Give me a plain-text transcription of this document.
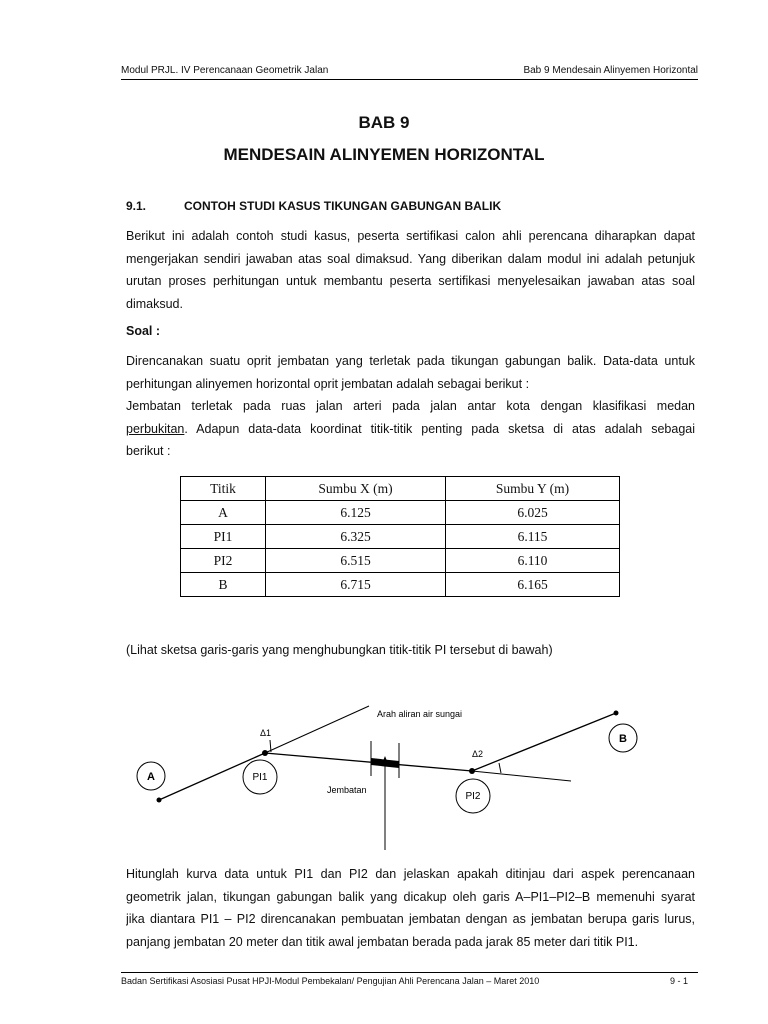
Modul PRJL. IV Perencanaan Geometrik Jalan	Bab 9 Mendesain Alinyemen Horizontal
BAB 9
MENDESAIN ALINYEMEN HORIZONTAL
9.1.	CONTOH STUDI KASUS TIKUNGAN GABUNGAN BALIK
Berikut ini adalah contoh studi kasus, peserta sertifikasi calon ahli perencana diharapkan dapat
mengerjakan sendiri jawaban atas soal dimaksud. Yang diberikan dalam modul ini adalah petunjuk
urutan proses perhitungan untuk membantu peserta sertifikasi menyelesaikan jawaban atas soal
dimaksud.
Soal :
Direncanakan suatu oprit jembatan yang terletak pada tikungan gabungan balik. Data-data untuk
perhitungan alinyemen horizontal oprit jembatan adalah sebagai berikut :
Jembatan terletak pada ruas jalan arteri pada jalan antar kota dengan klasifikasi medan
perbukitan. Adapun data-data koordinat titik-titik penting pada sketsa di atas adalah sebagai
berikut :
Titik	Sumbu X (m)	Sumbu Y (m)
A	6.125	6.025
PI1	6.325	6.115
PI2	6.515	6.110
B	6.715	6.165
(Lihat sketsa garis-garis yang menghubungkan titik-titik PI tersebut di bawah)
A	PI1
PI2
B
Δ1
Δ2
Arah aliran air sungai
Jembatan
Hitunglah kurva data untuk PI1 dan PI2 dan jelaskan apakah ditinjau dari aspek perencanaan
geometrik jalan, tikungan gabungan balik yang dicakup oleh garis A–PI1–PI2–B memenuhi syarat
jika diantara PI1 – PI2 direncanakan pembuatan jembatan dengan as jembatan berupa garis lurus,
panjang jembatan 20 meter dan titik awal jembatan berada pada jarak 85 meter dari titik PI1.
Badan Sertifikasi Asosiasi Pusat HPJI-Modul Pembekalan/ Pengujian Ahli Perencana Jalan – Maret 2010	9 - 1
